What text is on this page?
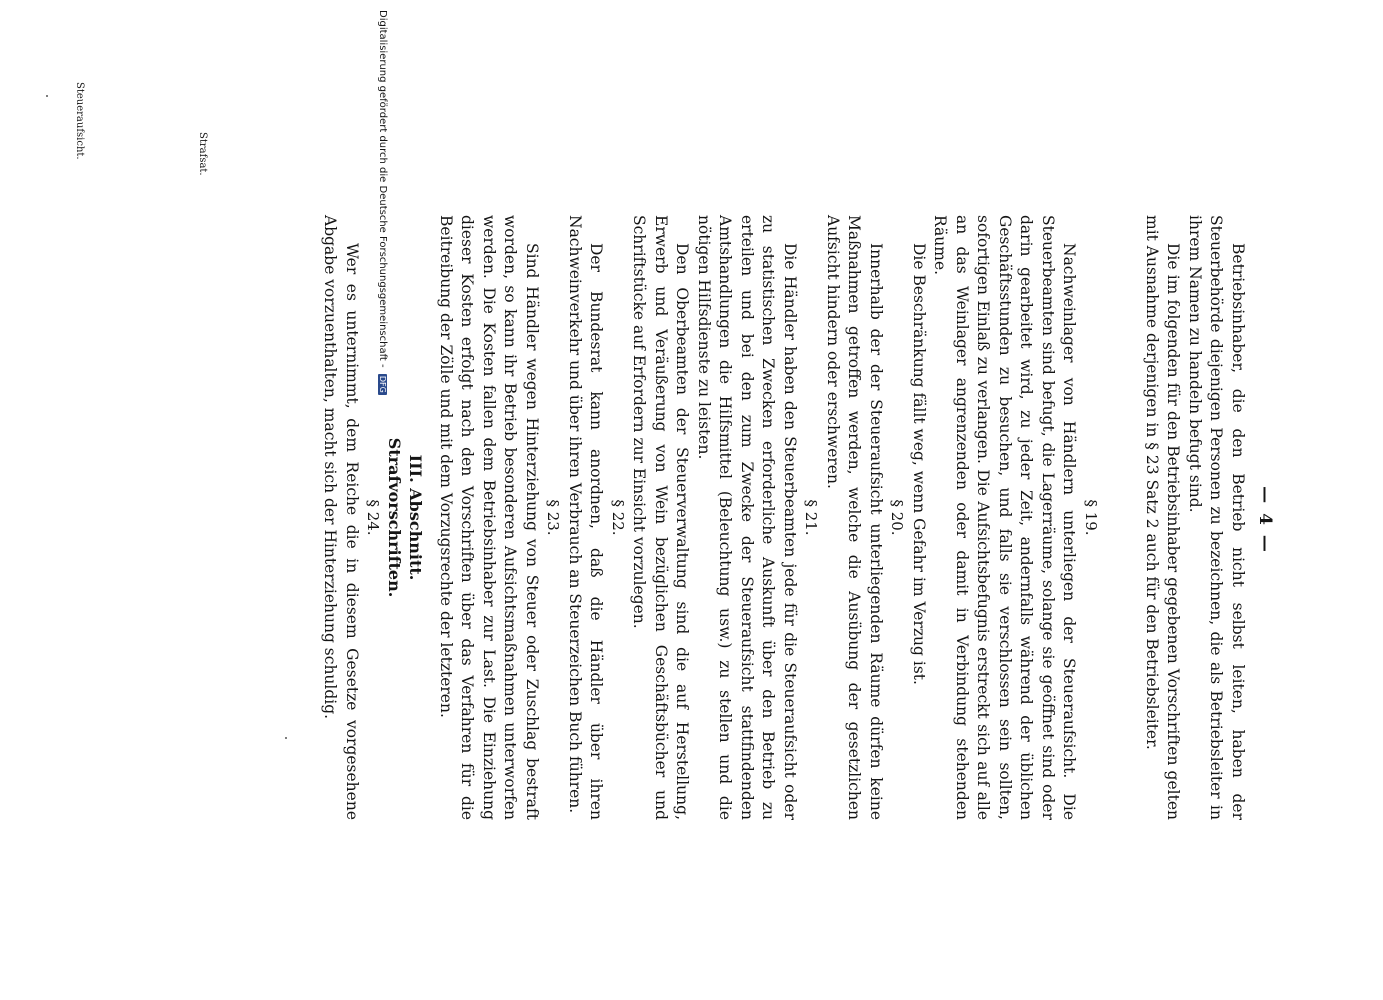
— 4 —
Steueraufsicht.	Strafsat.

Betriebsinhaber, die den Betrieb nicht selbst leiten, haben der Steuerbehörde diejenigen Personen zu bezeichnen, die als Betriebsleiter in ihrem Namen zu handeln befugt sind.

Die im folgenden für den Betriebsinhaber gegebenen Vorschriften gelten mit Ausnahme derjenigen in § 23 Satz 2 auch für den Betriebsleiter.

§ 19.

Nachweinlager von Händlern unterliegen der Steueraufsicht. Die Steuerbeamten sind befugt, die Lagerräume, solange sie geöffnet sind oder darin gearbeitet wird, zu jeder Zeit, andernfalls während der üblichen Geschäftsstunden zu besuchen, und falls sie verschlossen sein sollten, sofortigen Einlaß zu verlangen. Die Aufsichtsbefugnis erstreckt sich auf alle an das Weinlager angrenzenden oder damit in Verbindung stehenden Räume.

Die Beschränkung fällt weg, wenn Gefahr im Verzug ist.

§ 20.

Innerhalb der der Steueraufsicht unterliegenden Räume dürfen keine Maßnahmen getroffen werden, welche die Ausübung der gesetzlichen Aufsicht hindern oder erschweren.

§ 21.

Die Händler haben den Steuerbeamten jede für die Steueraufsicht oder zu statistischen Zwecken erforderliche Auskunft über den Betrieb zu erteilen und bei den zum Zwecke der Steueraufsicht stattfindenden Amtshandlungen die Hilfsmittel (Beleuchtung usw.) zu stellen und die nötigen Hilfsdienste zu leisten.

Den Oberbeamten der Steuerverwaltung sind die auf Herstellung, Erwerb und Veräußerung von Wein bezüglichen Geschäftsbücher und Schriftstücke auf Erfordern zur Einsicht vorzulegen.

§ 22.

Der Bundesrat kann anordnen, daß die Händler über ihren Nachweinverkehr und über ihren Verbrauch an Steuerzeichen Buch führen.

§ 23.

Sind Händler wegen Hinterziehung von Steuer oder Zuschlag bestraft worden, so kann ihr Betrieb besonderen Aufsichtsmaßnahmen unterworfen werden. Die Kosten fallen dem Betriebsinhaber zur Last. Die Einziehung dieser Kosten erfolgt nach den Vorschriften über das Verfahren für die Beitreibung der Zölle und mit dem Vorzugsrechte der letzteren.

III. Abschnitt.

Strafvorschriften.

§ 24.

Wer es unternimmt, dem Reiche die in diesem Gesetze vorgesehene Abgabe vorzuenthalten, macht sich der Hinterziehung schuldig.

Digitalisierung gefördert durch die Deutsche Forschungsgemeinschaft - DFG
